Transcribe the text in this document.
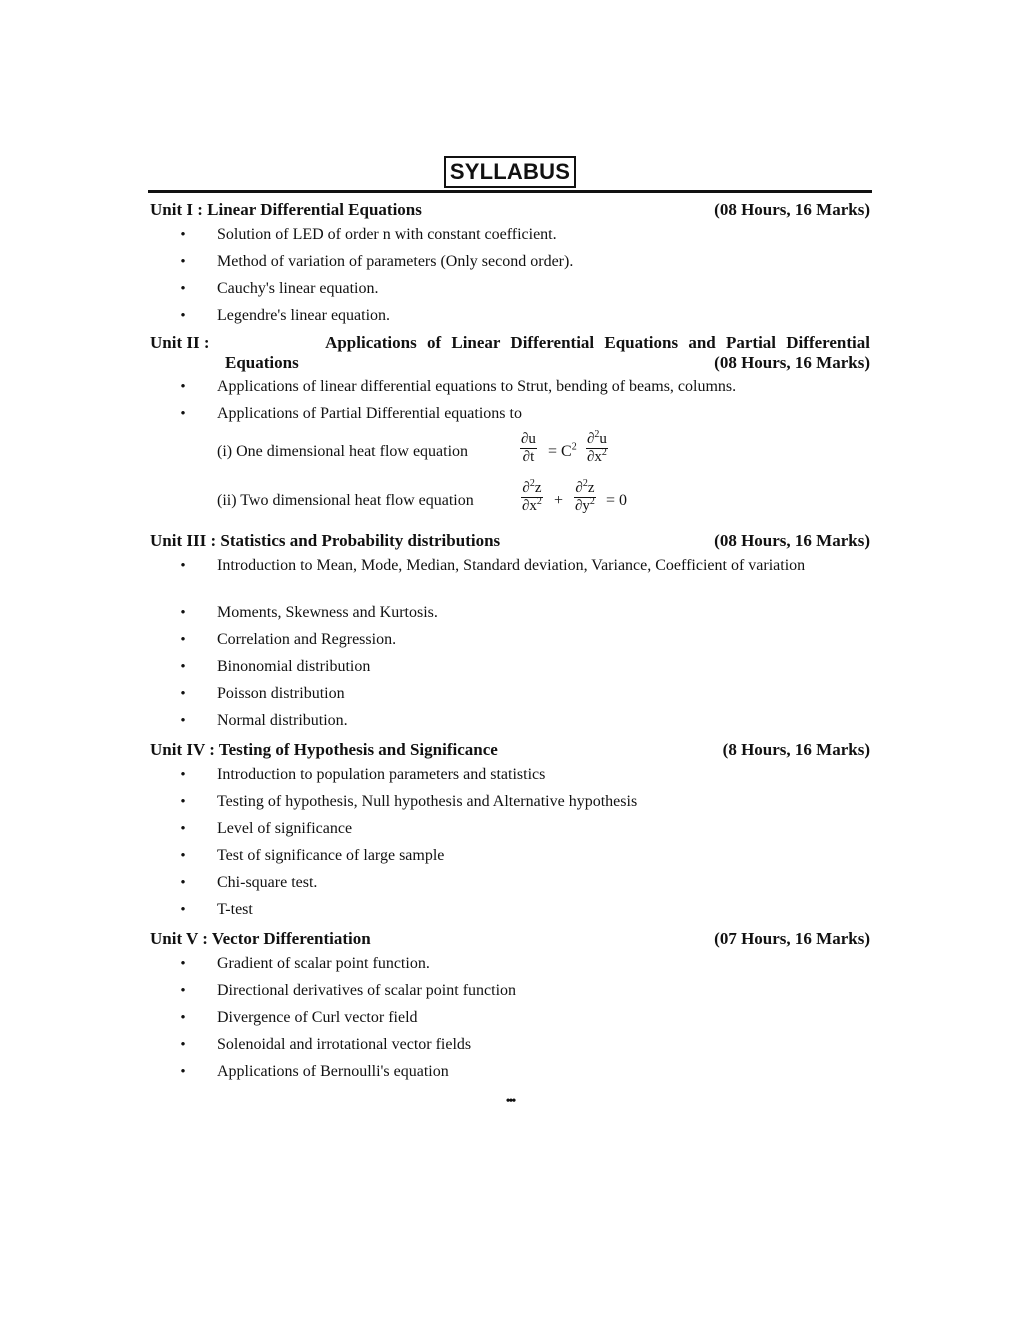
SYLLABUS
Unit I : Linear Differential Equations	(08 Hours, 16 Marks)
• Solution of LED of order n with constant coefficient.
• Method of variation of parameters (Only second order).
• Cauchy's linear equation.
• Legendre's linear equation.
Unit II :	Applications of Linear Differential Equations and Partial Differential
Equations	(08 Hours, 16 Marks)
• Applications of linear differential equations to Strut, bending of beams, columns.
• Applications of Partial Differential equations to
(i) One dimensional heat flow equation	$\frac{\partial u}{\partial t} = C^2 \frac{\partial^2u}{\partial x^2}$
(ii) Two dimensional heat flow equation	$\frac{\partial^2z}{\partial x^2} + \frac{\partial^2z}{\partial y^2} = 0$
Unit III : Statistics and Probability distributions	(08 Hours, 16 Marks)
• Introduction to Mean, Mode, Median, Standard deviation, Variance, Coefficient of variation
• Moments, Skewness and Kurtosis.
• Correlation and Regression.
• Binonomial distribution
• Poisson distribution
• Normal distribution.
Unit IV : Testing of Hypothesis and Significance	(8 Hours, 16 Marks)
• Introduction to population parameters and statistics
• Testing of hypothesis, Null hypothesis and Alternative hypothesis
• Level of significance
• Test of significance of large sample
• Chi-square test.
• T-test
Unit V : Vector Differentiation	(07 Hours, 16 Marks)
• Gradient of scalar point function.
• Directional derivatives of scalar point function
• Divergence of Curl vector field
• Solenoidal and irrotational vector fields
• Applications of Bernoulli's equation
•••
